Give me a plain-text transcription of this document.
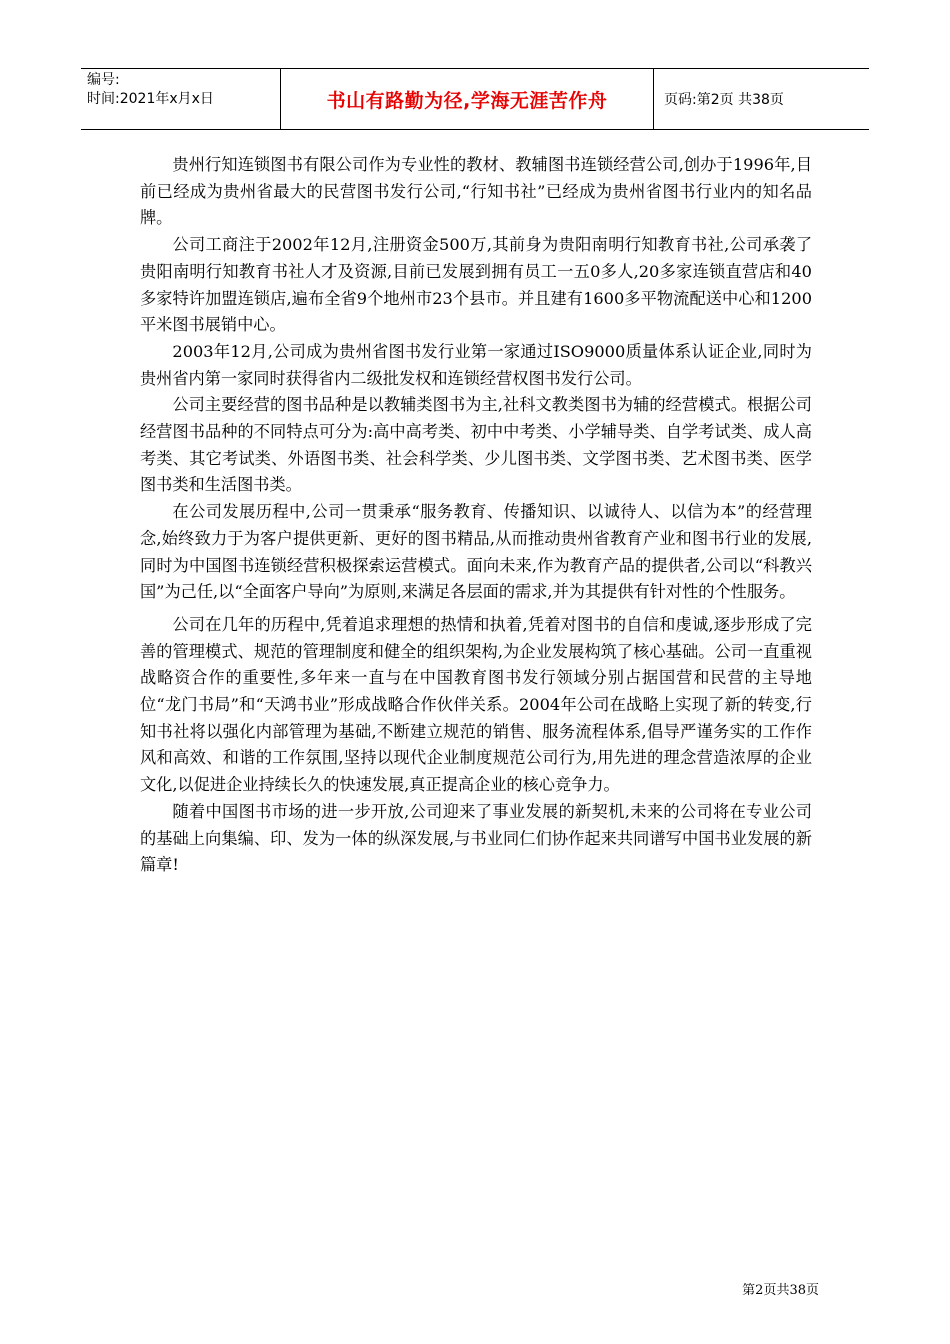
编号:
时间:2021年x月x日	书山有路勤为径,学海无涯苦作舟	页码:第2页 共38页

贵州行知连锁图书有限公司作为专业性的教材、教辅图书连锁经营公司,创办于1996年,目前已经成为贵州省最大的民营图书发行公司,“行知书社”已经成为贵州省图书行业内的知名品牌。

公司工商注于2002年12月,注册资金500万,其前身为贵阳南明行知教育书社,公司承袭了贵阳南明行知教育书社人才及资源,目前已发展到拥有员工一五0多人,20多家连锁直营店和40多家特许加盟连锁店,遍布全省9个地州市23个县市。并且建有1600多平物流配送中心和1200平米图书展销中心。

2003年12月,公司成为贵州省图书发行业第一家通过ISO9000质量体系认证企业,同时为贵州省内第一家同时获得省内二级批发权和连锁经营权图书发行公司。

公司主要经营的图书品种是以教辅类图书为主,社科文教类图书为辅的经营模式。根据公司经营图书品种的不同特点可分为:高中高考类、初中中考类、小学辅导类、自学考试类、成人高考类、其它考试类、外语图书类、社会科学类、少儿图书类、文学图书类、艺术图书类、医学图书类和生活图书类。

在公司发展历程中,公司一贯秉承“服务教育、传播知识、以诚待人、以信为本”的经营理念,始终致力于为客户提供更新、更好的图书精品,从而推动贵州省教育产业和图书行业的发展,同时为中国图书连锁经营积极探索运营模式。面向未来,作为教育产品的提供者,公司以“科教兴国”为己任,以“全面客户导向”为原则,来满足各层面的需求,并为其提供有针对性的个性服务。

公司在几年的历程中,凭着追求理想的热情和执着,凭着对图书的自信和虔诚,逐步形成了完善的管理模式、规范的管理制度和健全的组织架构,为企业发展构筑了核心基础。公司一直重视战略资合作的重要性,多年来一直与在中国教育图书发行领域分别占据国营和民营的主导地位“龙门书局”和“天鸿书业”形成战略合作伙伴关系。2004年公司在战略上实现了新的转变,行知书社将以强化内部管理为基础,不断建立规范的销售、服务流程体系,倡导严谨务实的工作作风和高效、和谐的工作氛围,坚持以现代企业制度规范公司行为,用先进的理念营造浓厚的企业文化,以促进企业持续长久的快速发展,真正提高企业的核心竞争力。

随着中国图书市场的进一步开放,公司迎来了事业发展的新契机,未来的公司将在专业公司的基础上向集编、印、发为一体的纵深发展,与书业同仁们协作起来共同谱写中国书业发展的新篇章!

第2页共38页
